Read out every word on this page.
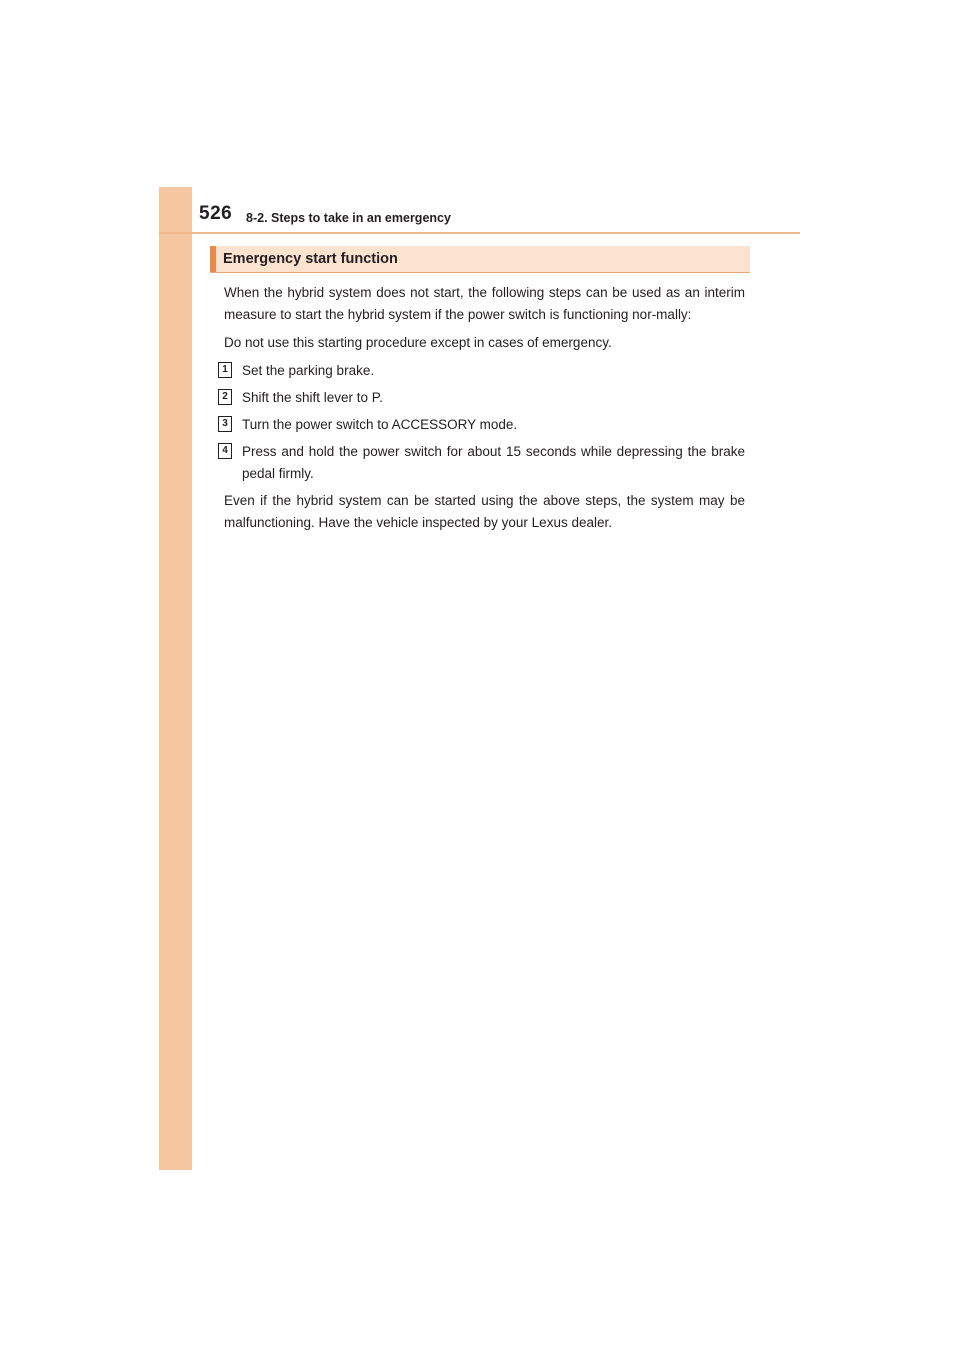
526 8-2. Steps to take in an emergency
Emergency start function

When the hybrid system does not start, the following steps can be used as an interim measure to start the hybrid system if the power switch is functioning nor-mally:

Do not use this starting procedure except in cases of emergency.

1	Set the parking brake.
2	Shift the shift lever to P.
3	Turn the power switch to ACCESSORY mode.
4	Press and hold the power switch for about 15 seconds while depressing the brake pedal firmly.

Even if the hybrid system can be started using the above steps, the system may be malfunctioning. Have the vehicle inspected by your Lexus dealer.
